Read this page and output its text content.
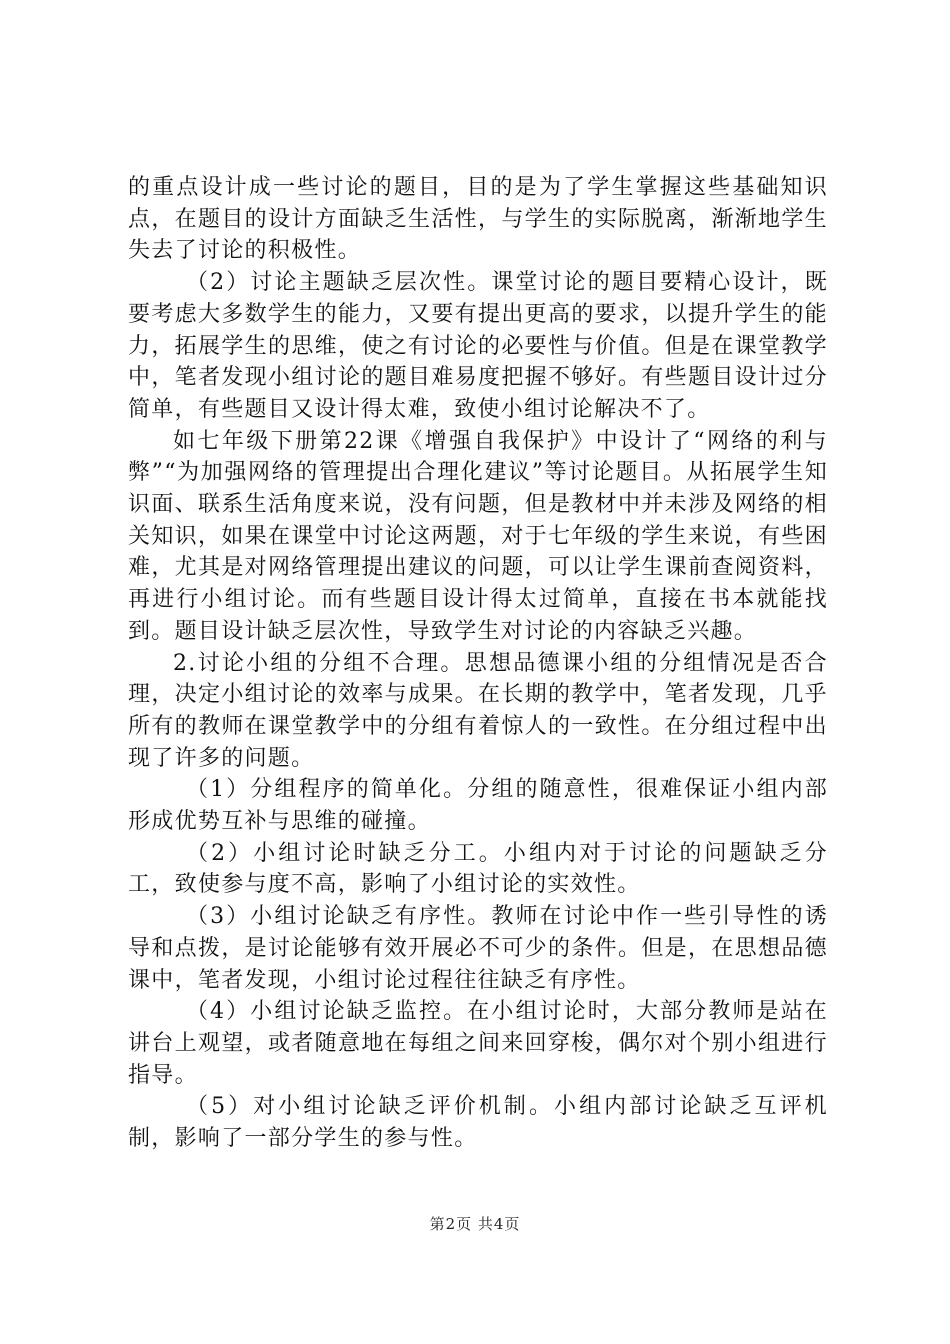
的重点设计成一些讨论的题目，目的是为了学生掌握这些基础知识点，在题目的设计方面缺乏生活性，与学生的实际脱离，渐渐地学生失去了讨论的积极性。

（2）讨论主题缺乏层次性。课堂讨论的题目要精心设计，既要考虑大多数学生的能力，又要有提出更高的要求，以提升学生的能力，拓展学生的思维，使之有讨论的必要性与价值。但是在课堂教学中，笔者发现小组讨论的题目难易度把握不够好。有些题目设计过分简单，有些题目又设计得太难，致使小组讨论解决不了。

如七年级下册第22课《增强自我保护》中设计了“网络的利与弊”“为加强网络的管理提出合理化建议”等讨论题目。从拓展学生知识面、联系生活角度来说，没有问题，但是教材中并未涉及网络的相关知识，如果在课堂中讨论这两题，对于七年级的学生来说，有些困难，尤其是对网络管理提出建议的问题，可以让学生课前查阅资料，再进行小组讨论。而有些题目设计得太过简单，直接在书本就能找到。题目设计缺乏层次性，导致学生对讨论的内容缺乏兴趣。

2.讨论小组的分组不合理。思想品德课小组的分组情况是否合理，决定小组讨论的效率与成果。在长期的教学中，笔者发现，几乎所有的教师在课堂教学中的分组有着惊人的一致性。在分组过程中出现了许多的问题。

（1）分组程序的简单化。分组的随意性，很难保证小组内部形成优势互补与思维的碰撞。

（2）小组讨论时缺乏分工。小组内对于讨论的问题缺乏分工，致使参与度不高，影响了小组讨论的实效性。

（3）小组讨论缺乏有序性。教师在讨论中作一些引导性的诱导和点拨，是讨论能够有效开展必不可少的条件。但是，在思想品德课中，笔者发现，小组讨论过程往往缺乏有序性。

（4）小组讨论缺乏监控。在小组讨论时，大部分教师是站在讲台上观望，或者随意地在每组之间来回穿梭，偶尔对个别小组进行指导。

（5）对小组讨论缺乏评价机制。小组内部讨论缺乏互评机制，影响了一部分学生的参与性。

第2页 共4页
